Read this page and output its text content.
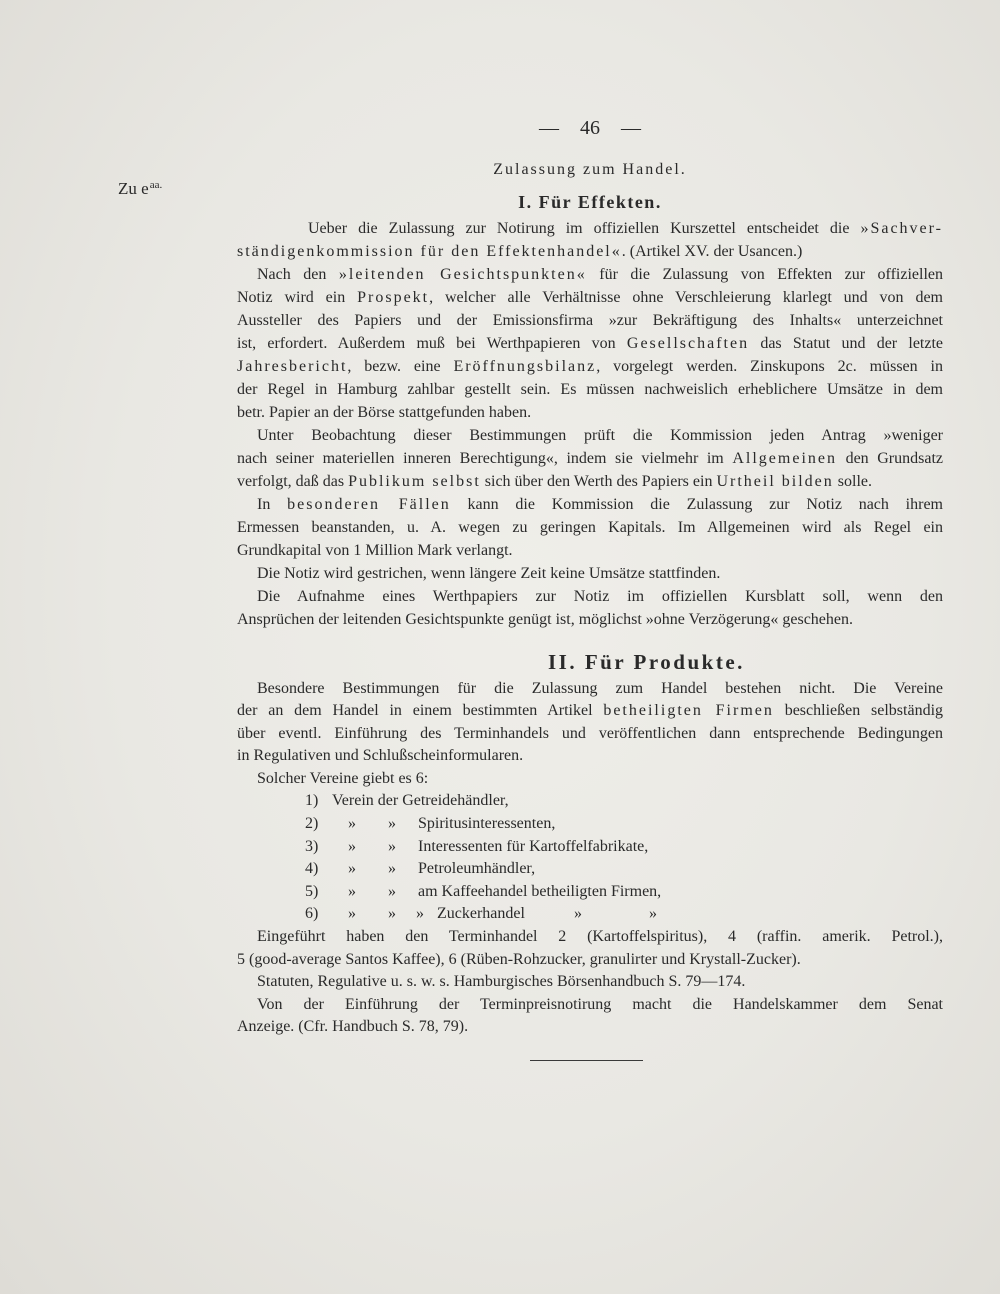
— 46 —
Zu $e^{aa.}$
Zulassung zum Handel.
I. Für Effekten.
Ueber die Zulassung zur Notirung im offiziellen Kurszettel entscheidet die »Sachver-
ständigenkommission für den Effektenhandel«. (Artikel XV. der Usancen.)
Nach den »leitenden Gesichtspunkten« für die Zulassung von Effekten zur offiziellen
Notiz wird ein Prospekt, welcher alle Verhältnisse ohne Verschleierung klarlegt und von dem
Aussteller des Papiers und der Emissionsfirma »zur Bekräftigung des Inhalts« unterzeichnet
ist, erfordert. Außerdem muß bei Werthpapieren von Gesellschaften das Statut und der letzte
Jahresbericht, bezw. eine Eröffnungsbilanz, vorgelegt werden. Zinskupons 2c. müssen in
der Regel in Hamburg zahlbar gestellt sein. Es müssen nachweislich erheblichere Umsätze in dem
betr. Papier an der Börse stattgefunden haben.
Unter Beobachtung dieser Bestimmungen prüft die Kommission jeden Antrag »weniger
nach seiner materiellen inneren Berechtigung«, indem sie vielmehr im Allgemeinen den Grundsatz
verfolgt, daß das Publikum selbst sich über den Werth des Papiers ein Urtheil bilden solle.
In besonderen Fällen kann die Kommission die Zulassung zur Notiz nach ihrem
Ermessen beanstanden, u. A. wegen zu geringen Kapitals. Im Allgemeinen wird als Regel ein
Grundkapital von 1 Million Mark verlangt.
Die Notiz wird gestrichen, wenn längere Zeit keine Umsätze stattfinden.
Die Aufnahme eines Werthpapiers zur Notiz im offiziellen Kursblatt soll, wenn den
Ansprüchen der leitenden Gesichtspunkte genügt ist, möglichst »ohne Verzögerung« geschehen.
II. Für Produkte.
Besondere Bestimmungen für die Zulassung zum Handel bestehen nicht. Die Vereine
der an dem Handel in einem bestimmten Artikel betheiligten Firmen beschließen selbständig
über eventl. Einführung des Terminhandels und veröffentlichen dann entsprechende Bedingungen
in Regulativen und Schlußscheinformularen.
Solcher Vereine giebt es 6:
1) Verein der Getreidehändler,
2) » » Spiritusinteressenten,
3) » » Interessenten für Kartoffelfabrikate,
4) » » Petroleumhändler,
5) » » am Kaffeehandel betheiligten Firmen,
6) » » » Zuckerhandel	»	»
Eingeführt haben den Terminhandel 2 (Kartoffelspiritus), 4 (raffin. amerik. Petrol.),
5 (good-average Santos Kaffee), 6 (Rüben-Rohzucker, granulirter und Krystall-Zucker).
Statuten, Regulative u. s. w. s. Hamburgisches Börsenhandbuch S. 79—174.
Von der Einführung der Terminpreisnotirung macht die Handelskammer dem Senat
Anzeige. (Cfr. Handbuch S. 78, 79).
